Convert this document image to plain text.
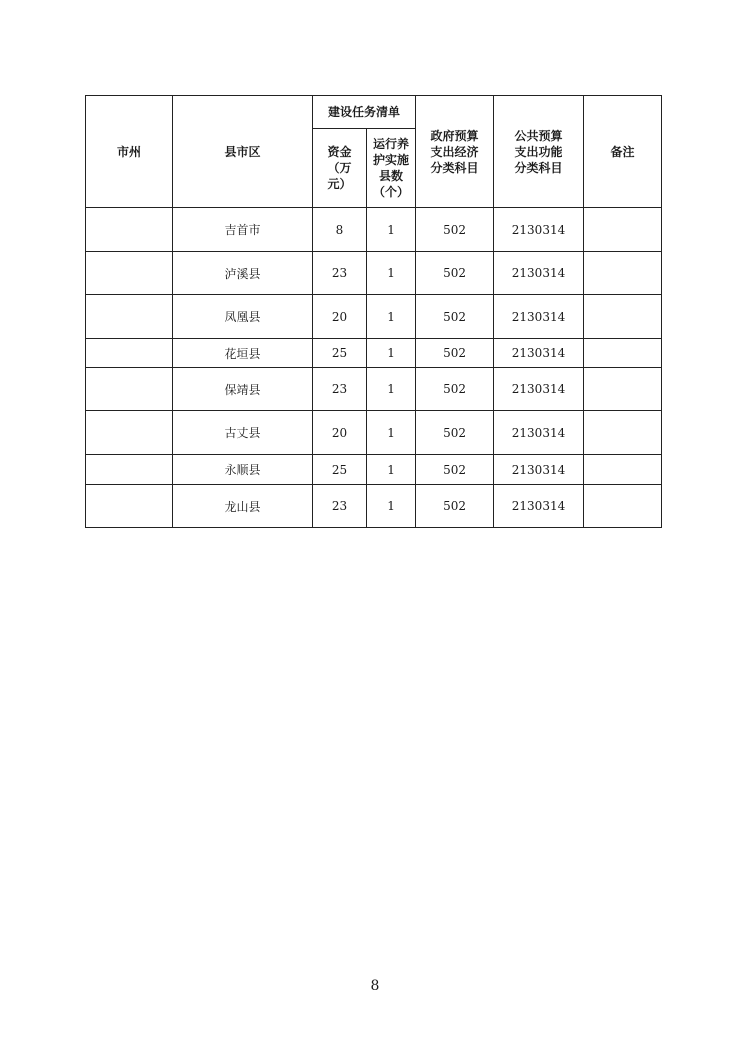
市州	县市区	建设任务清单		政府预算
支出经济
分类科目	公共预算
支出功能
分类科目	备注
		资金
（万
元）	运行养
护实施
县数
（个）			
	吉首市	8	1	502	2130314	
	泸溪县	23	1	502	2130314	
	凤凰县	20	1	502	2130314	
	花垣县	25	1	502	2130314	
	保靖县	23	1	502	2130314	
	古丈县	20	1	502	2130314	
	永顺县	25	1	502	2130314	
	龙山县	23	1	502	2130314	
8
